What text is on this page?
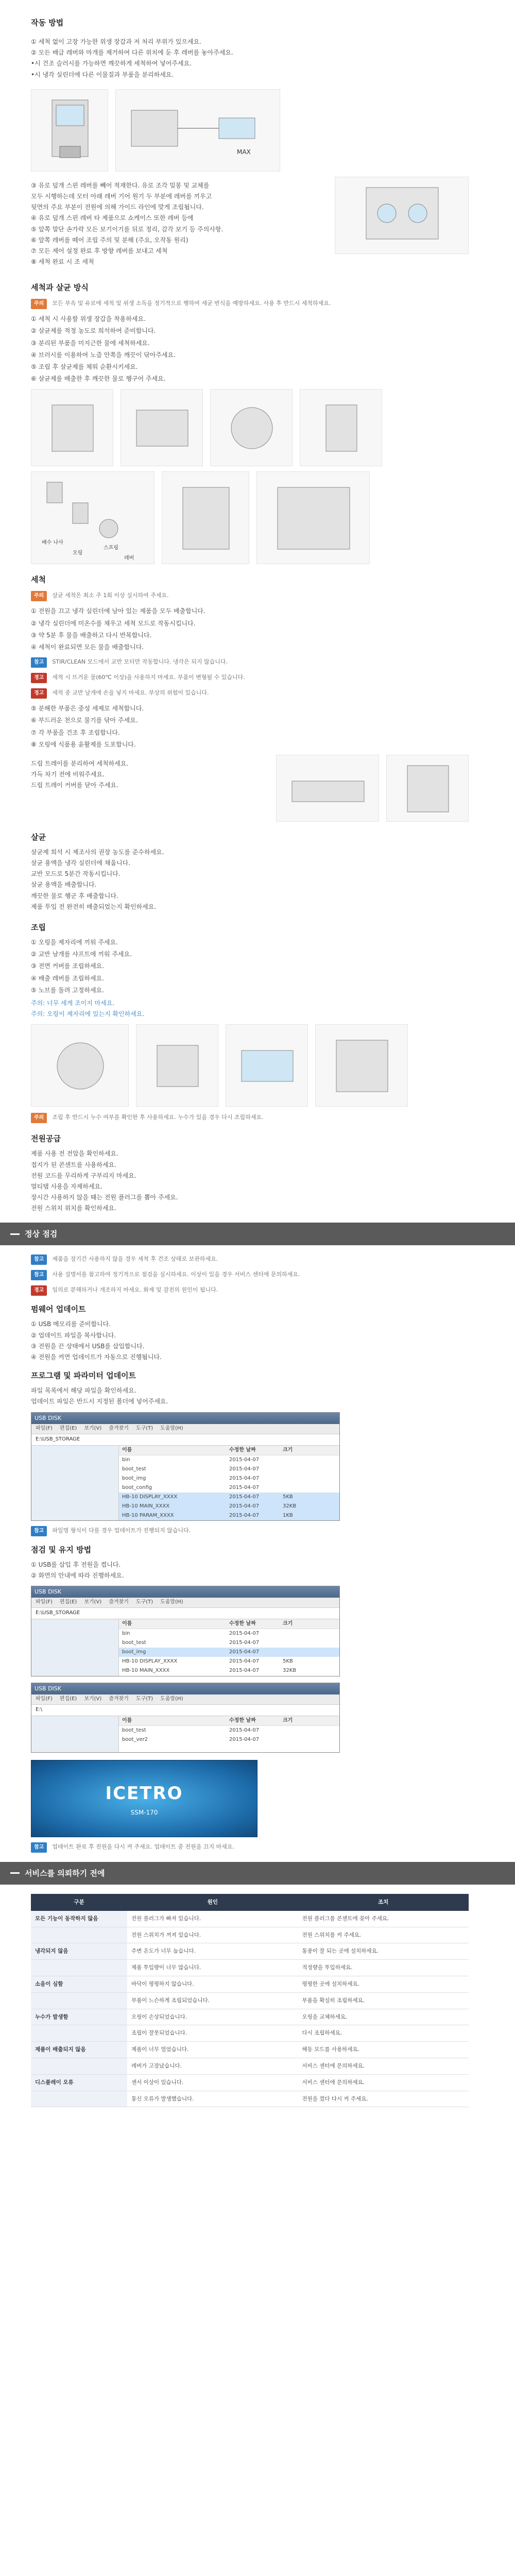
작동 방법
① 세척 없이 고장 가능한 위생 장갑과 저 처리 부위가 있으세요.
② 모든 배급 레버와 마개를 제거하여 다른 위치에 둔 후 레버를 놓아주세요.
•시 건조 슬러시를 가능하면 깨끗하게 세척하여 넣어주세요.
•시 냉각 실린더에 다른 이물질과 부품을 분리하세요.
MAX
③ 유로 덮개 스핀 레버를 빼어 적재한다. 유로 조각 밀봉 및 교체를
모두 시행하는데 모터 아래 레버 기어 원기 두 부분에 레버를 끼우고
뒷면의 주요 부분이 전원에 의해 가이드 라인에 맞게 조립됩니다.
④ 유로 덮개 스핀 레버 타 제품으로 쇼케이스 또한 레버 등에
⑤ 앞쪽 말단 손가락 모든 보기이기를 뒤로 정리, 감각 보기 등 주의사항.
⑥ 앞쪽 레버를 떼어 조립 주의 및 분해 (주요, 오작동 원리)
⑦ 모든 제어 설정 완료 후 방향 레버를 보내고 세척
⑧ 세척 완료 시 조 세척
세척과 살균 방식
주의	모든 부속 및 유로에 세척 및 위생 소독을 정기적으로 행하여 세균 번식을 예방하세요. 사용 후 반드시 세척하세요.
① 세척 시 사용할 위생 장갑을 착용하세요.
② 살균제를 적정 농도로 희석하여 준비합니다.
③ 분리된 부품을 미지근한 물에 세척하세요.
④ 브러시를 이용하여 노즐 안쪽을 깨끗이 닦아주세요.
⑤ 조립 후 살균제를 채워 순환시키세요.
⑥ 살균제를 배출한 후 깨끗한 물로 헹구어 주세요.
배수 나사
오링
스프링
레버
세척
주의	살균 세척은 최소 주 1회 이상 실시하여 주세요.
① 전원을 끄고 냉각 실린더에 남아 있는 제품을 모두 배출합니다.
② 냉각 실린더에 미온수를 채우고 세척 모드로 작동시킵니다.
③ 약 5분 후 물을 배출하고 다시 반복합니다.
④ 세척이 완료되면 모든 물을 배출합니다.
참고	STIR/CLEAN 모드에서 교반 모터만 작동합니다. 냉각은 되지 않습니다.
경고	세척 시 뜨거운 물(60℃ 이상)을 사용하지 마세요. 부품이 변형될 수 있습니다.
경고	세척 중 교반 날개에 손을 넣지 마세요. 부상의 위험이 있습니다.
⑤ 분해한 부품은 중성 세제로 세척합니다.
⑥ 부드러운 천으로 물기를 닦아 주세요.
⑦ 각 부품을 건조 후 조립합니다.
⑧ 오링에 식품용 윤활제를 도포합니다.
드립 트레이를 분리하여 세척하세요.
가득 차기 전에 비워주세요.
드립 트레이 커버를 닫아 주세요.
살균
살균제 희석 시 제조사의 권장 농도를 준수하세요.
살균 용액을 냉각 실린더에 채웁니다.
교반 모드로 5분간 작동시킵니다.
살균 용액을 배출합니다.
깨끗한 물로 헹군 후 배출합니다.
제품 투입 전 완전히 배출되었는지 확인하세요.
조립
① 오링을 제자리에 끼워 주세요.
② 교반 날개를 샤프트에 끼워 주세요.
③ 전면 커버를 조립하세요.
④ 배출 레버를 조립하세요.
⑤ 노브를 돌려 고정하세요.
주의: 너무 세게 조이지 마세요.
주의: 오링이 제자리에 있는지 확인하세요.
주의	조립 후 반드시 누수 여부를 확인한 후 사용하세요. 누수가 있을 경우 다시 조립하세요.
전원공급
제품 사용 전 전압을 확인하세요.
접지가 된 콘센트를 사용하세요.
전원 코드를 무리하게 구부리지 마세요.
멀티탭 사용을 자제하세요.
장시간 사용하지 않을 때는 전원 플러그를 뽑아 주세요.
전원 스위치 위치를 확인하세요.
정상 점검
참고	제품을 장기간 사용하지 않을 경우 세척 후 건조 상태로 보관하세요.
참고	사용 설명서를 참고하여 정기적으로 점검을 실시하세요. 이상이 있을 경우 서비스 센터에 문의하세요.
경고	임의로 분해하거나 개조하지 마세요. 화재 및 감전의 원인이 됩니다.
펌웨어 업데이트
① USB 메모리를 준비합니다.
② 업데이트 파일을 복사합니다.
③ 전원을 끈 상태에서 USB를 삽입합니다.
④ 전원을 켜면 업데이트가 자동으로 진행됩니다.
프로그램 및 파라미터 업데이트
파일 목록에서 해당 파일을 확인하세요.
업데이트 파일은 반드시 지정된 폴더에 넣어주세요.
USB DISK
파일(F) 편집(E) 보기(V) 즐겨찾기 도구(T) 도움말(H)
E:\USB_STORAGE
이름	수정한 날짜	크기
bin	2015-04-07
boot_test	2015-04-07
boot_img	2015-04-07
boot_config	2015-04-07
HB-10 DISPLAY_XXXX	2015-04-07	5KB
HB-10 MAIN_XXXX	2015-04-07	32KB
HB-10 PARAM_XXXX	2015-04-07	1KB
참고	파일명 형식이 다를 경우 업데이트가 진행되지 않습니다.
점검 및 유지 방법
① USB를 삽입 후 전원을 켭니다.
② 화면의 안내에 따라 진행하세요.
USB DISK
파일(F) 편집(E) 보기(V) 즐겨찾기 도구(T) 도움말(H)
E:\USB_STORAGE
이름	수정한 날짜	크기
bin	2015-04-07
boot_test	2015-04-07
boot_img	2015-04-07
HB-10 DISPLAY_XXXX	2015-04-07	5KB
HB-10 MAIN_XXXX	2015-04-07	32KB
USB DISK
파일(F) 편집(E) 보기(V) 즐겨찾기 도구(T) 도움말(H)
E:\
이름	수정한 날짜	크기
boot_test	2015-04-07
boot_ver2	2015-04-07
ICETRO
SSM-170
참고	업데이트 완료 후 전원을 다시 켜 주세요. 업데이트 중 전원을 끄지 마세요.
서비스를 의뢰하기 전에
구분	원인	조치
모든 기능이 동작하지 않음	전원 플러그가 빠져 있습니다.	전원 플러그를 콘센트에 꽂아 주세요.
	전원 스위치가 꺼져 있습니다.	전원 스위치를 켜 주세요.
냉각되지 않음	주변 온도가 너무 높습니다.	통풍이 잘 되는 곳에 설치하세요.
	제품 투입량이 너무 많습니다.	적정량을 투입하세요.
소음이 심함	바닥이 평평하지 않습니다.	평평한 곳에 설치하세요.
	부품이 느슨하게 조립되었습니다.	부품을 확실히 조립하세요.
누수가 발생함	오링이 손상되었습니다.	오링을 교체하세요.
	조립이 잘못되었습니다.	다시 조립하세요.
제품이 배출되지 않음	제품이 너무 얼었습니다.	해동 모드를 사용하세요.
	레버가 고장났습니다.	서비스 센터에 문의하세요.
디스플레이 오류	센서 이상이 있습니다.	서비스 센터에 문의하세요.
	통신 오류가 발생했습니다.	전원을 껐다 다시 켜 주세요.
